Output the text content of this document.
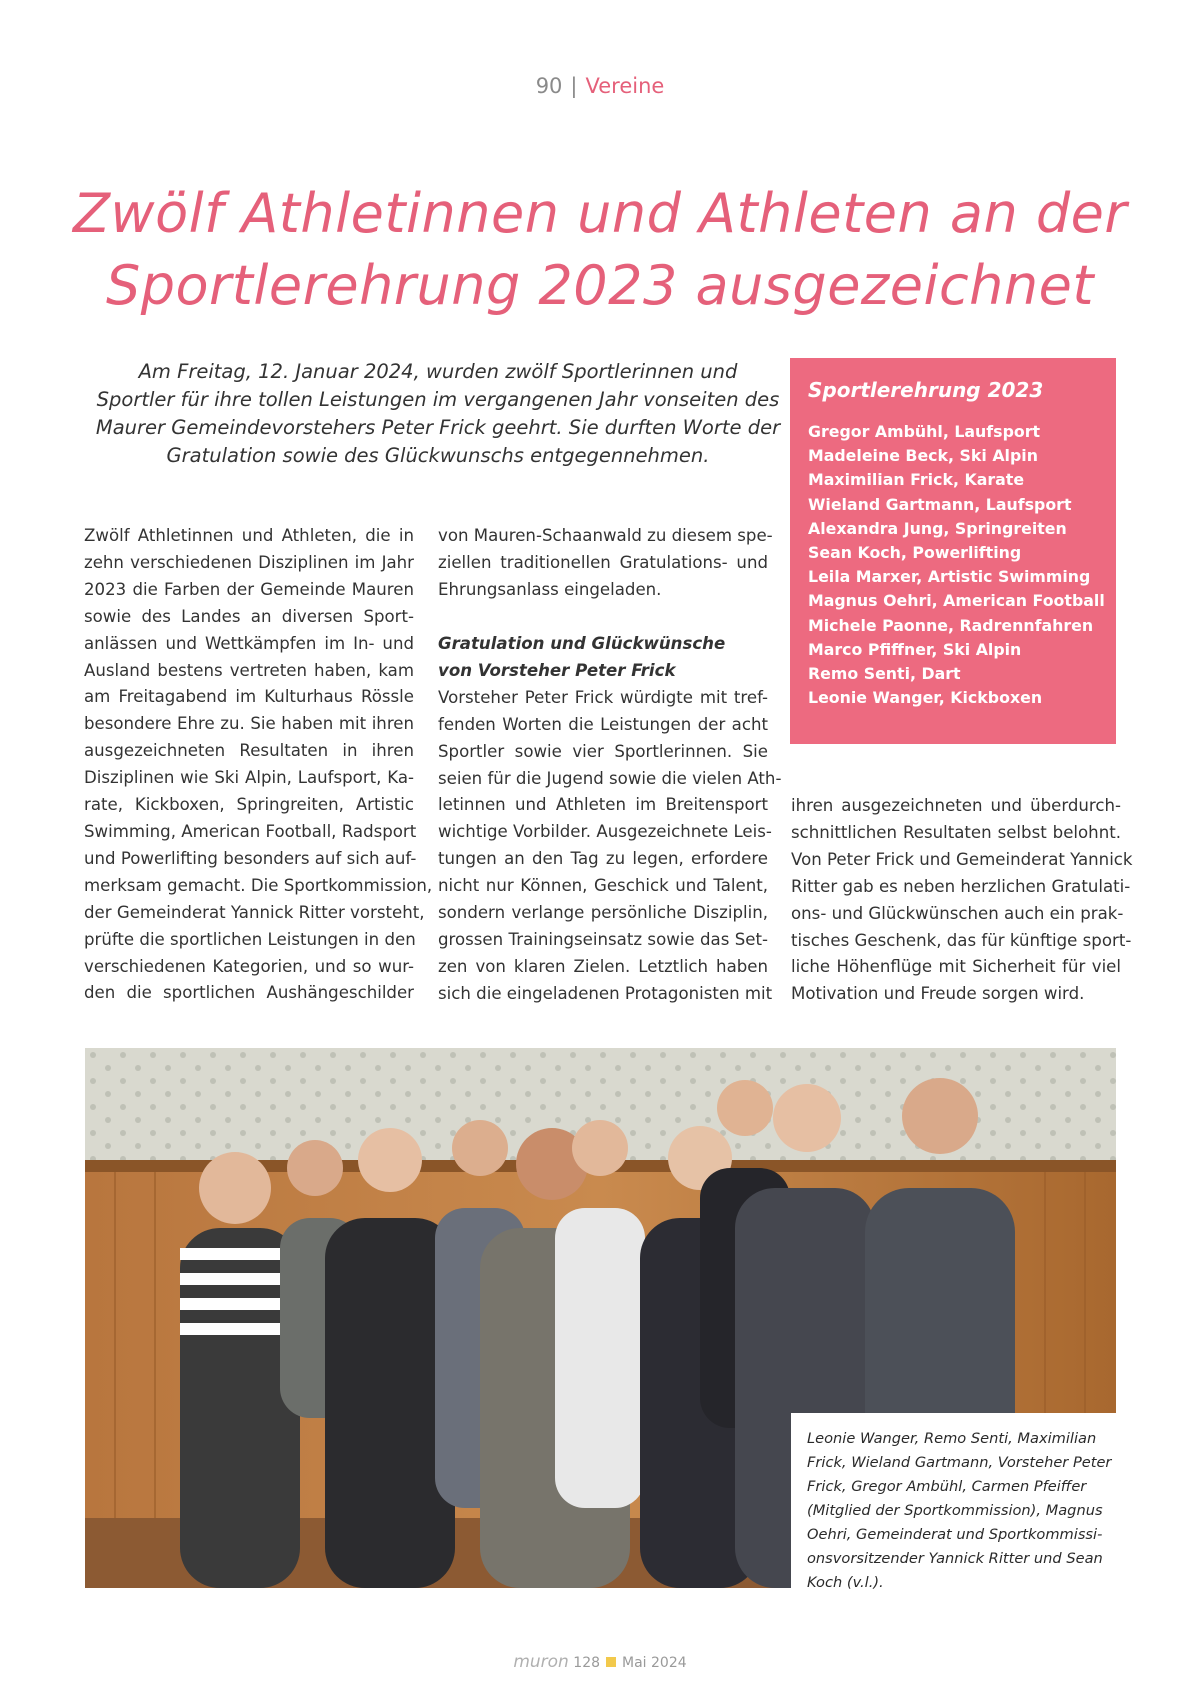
90 | Vereine
Zwölf Athletinnen und Athleten an der
Sportlerehrung 2023 ausgezeichnet
Am Freitag, 12. Januar 2024, wurden zwölf Sportlerinnen und
Sportler für ihre tollen Leistungen im vergangenen Jahr vonseiten des
Maurer Gemeindevorstehers Peter Frick geehrt. Sie durften Worte der
Gratulation sowie des Glückwunschs entgegennehmen.
Zwölf Athletinnen und Athleten, die in
zehn verschiedenen Disziplinen im Jahr
2023 die Farben der Gemeinde Mauren
sowie des Landes an diversen Sport-
anlässen und Wettkämpfen im In- und
Ausland bestens vertreten haben, kam
am Freitagabend im Kulturhaus Rössle
besondere Ehre zu. Sie haben mit ihren
ausgezeichneten Resultaten in ihren
Disziplinen wie Ski Alpin, Laufsport, Ka-
rate, Kickboxen, Springreiten, Artistic
Swimming, American Football, Radsport
und Powerlifting besonders auf sich auf-
merksam gemacht. Die Sportkommission,
der Gemeinderat Yannick Ritter vorsteht,
prüfte die sportlichen Leistungen in den
verschiedenen Kategorien, und so wur-
den die sportlichen Aushängeschilder
von Mauren-Schaanwald zu diesem spe-
ziellen traditionellen Gratulations- und
Ehrungsanlass eingeladen.
Gratulation und Glückwünsche
von Vorsteher Peter Frick
Vorsteher Peter Frick würdigte mit tref-
fenden Worten die Leistungen der acht
Sportler sowie vier Sportlerinnen. Sie
seien für die Jugend sowie die vielen Ath-
letinnen und Athleten im Breitensport
wichtige Vorbilder. Ausgezeichnete Leis-
tungen an den Tag zu legen, erfordere
nicht nur Können, Geschick und Talent,
sondern verlange persönliche Disziplin,
grossen Trainingseinsatz sowie das Set-
zen von klaren Zielen. Letztlich haben
sich die eingeladenen Protagonisten mit
ihren ausgezeichneten und überdurch-
schnittlichen Resultaten selbst belohnt.
Von Peter Frick und Gemeinderat Yannick
Ritter gab es neben herzlichen Gratulati-
ons- und Glückwünschen auch ein prak-
tisches Geschenk, das für künftige sport-
liche Höhenflüge mit Sicherheit für viel
Motivation und Freude sorgen wird.
Sportlerehrung 2023
Gregor Ambühl, Laufsport
Madeleine Beck, Ski Alpin
Maximilian Frick, Karate
Wieland Gartmann, Laufsport
Alexandra Jung, Springreiten
Sean Koch, Powerlifting
Leila Marxer, Artistic Swimming
Magnus Oehri, American Football
Michele Paonne, Radrennfahren
Marco Pfiffner, Ski Alpin
Remo Senti, Dart
Leonie Wanger, Kickboxen
Leonie Wanger, Remo Senti, Maximilian
Frick, Wieland Gartmann, Vorsteher Peter
Frick, Gregor Ambühl, Carmen Pfeiffer
(Mitglied der Sportkommission), Magnus
Oehri, Gemeinderat und Sportkommissi-
onsvorsitzender Yannick Ritter und Sean
Koch (v.l.).
muron 128 Mai 2024
